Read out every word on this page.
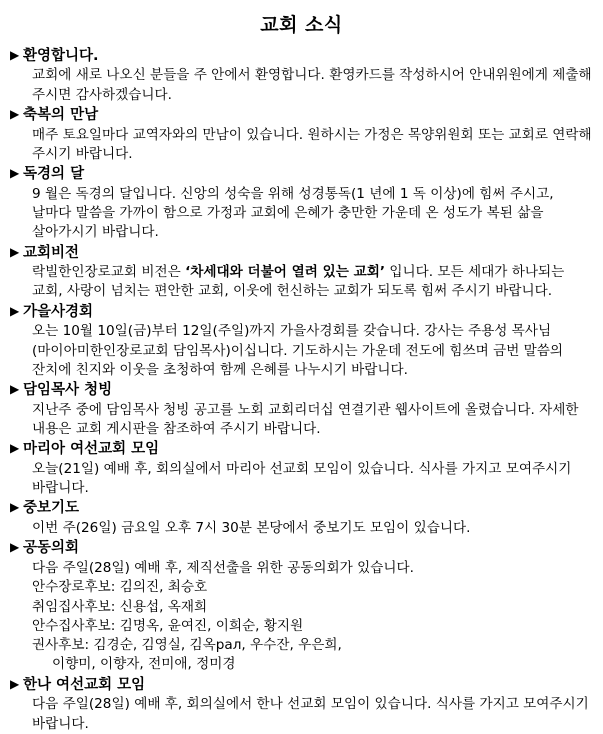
교회 소식
▶ 환영합니다.

교회에 새로 나오신 분들을 주 안에서 환영합니다. 환영카드를 작성하시어 안내위원에게 제출해 주시면 감사하겠습니다.

▶ 축복의 만남

매주 토요일마다 교역자와의 만남이 있습니다. 원하시는 가정은 목양위원회 또는 교회로 연락해 주시기 바랍니다.

▶ 독경의 달

9 월은 독경의 달입니다. 신앙의 성숙을 위해 성경통독(1 년에 1 독 이상)에 힘써 주시고, 날마다 말씀을 가까이 함으로 가정과 교회에 은혜가 충만한 가운데 온 성도가 복된 삶을 살아가시기 바랍니다.

▶ 교회비전

락빌한인장로교회 비전은 ‘차세대와 더불어 열려 있는 교회’ 입니다. 모든 세대가 하나되는 교회, 사랑이 넘치는 편안한 교회, 이웃에 헌신하는 교회가 되도록 힘써 주시기 바랍니다.

▶ 가을사경회

오는 10월 10일(금)부터 12일(주일)까지 가을사경회를 갖습니다. 강사는 주용성 목사님(마이아미한인장로교회 담임목사)이십니다. 기도하시는 가운데 전도에 힘쓰며 금번 말씀의 잔치에 친지와 이웃을 초청하여 함께 은혜를 나누시기 바랍니다.

▶ 담임목사 청빙

지난주 중에 담임목사 청빙 공고를 노회 교회리더십 연결기관 웹사이트에 올렸습니다. 자세한 내용은 교회 게시판을 참조하여 주시기 바랍니다.

▶ 마리아 여선교회 모임

오늘(21일) 예배 후, 회의실에서 마리아 선교회 모임이 있습니다. 식사를 가지고 모여주시기 바랍니다.

▶ 중보기도

이번 주(26일) 금요일 오후 7시 30분 본당에서 중보기도 모임이 있습니다.

▶ 공동의회

다음 주일(28일) 예배 후, 제직선출을 위한 공동의회가 있습니다.

안수장로후보: 김의진, 최승호
취임집사후보: 신용섭, 옥재희
안수집사후보: 김명옥, 윤여진, 이희순, 황지원
권사후보: 김경순, 김영실, 김옥рал, 우수잔, 우은희,
이향미, 이향자, 전미애, 정미경
▶ 한나 여선교회 모임

다음 주일(28일) 예배 후, 회의실에서 한나 선교회 모임이 있습니다. 식사를 가지고 모여주시기 바랍니다.
